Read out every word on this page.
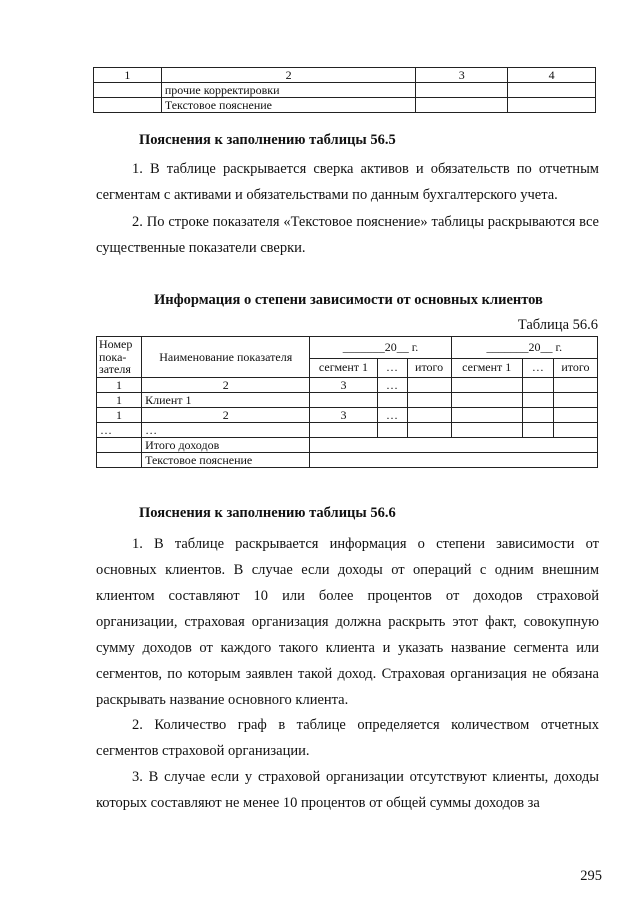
1	2	3	4
	прочие корректировки		
	Текстовое пояснение		
Пояснения к заполнению таблицы 56.5

1. В таблице раскрывается сверка активов и обязательств по отчетным сегментам с активами и обязательствами по данным бухгалтерского учета.

2. По строке показателя «Текстовое пояснение» таблицы раскрываются все существенные показатели сверки.

Информация о степени зависимости от основных клиентов
Таблица 56.6
Номер пока-зателя	Наименование показателя	_______20__ г.			_______20__ г.		
		сегмент 1	…	итого	сегмент 1	…	итого
1	2	3	…				
1	Клиент 1						
1	2	3	…				
…	…						
	Итого доходов						
	Текстовое пояснение						
Пояснения к заполнению таблицы 56.6

1. В таблице раскрывается информация о степени зависимости от основных клиентов. В случае если доходы от операций с одним внешним клиентом составляют 10 или более процентов от доходов страховой организации, страховая организация должна раскрыть этот факт, совокупную сумму доходов от каждого такого клиента и указать название сегмента или сегментов, по которым заявлен такой доход. Страховая организация не обязана раскрывать название основного клиента.

2. Количество граф в таблице определяется количеством отчетных сегментов страховой организации.

3. В случае если у страховой организации отсутствуют клиенты, доходы которых составляют не менее 10 процентов от общей суммы доходов за

295
